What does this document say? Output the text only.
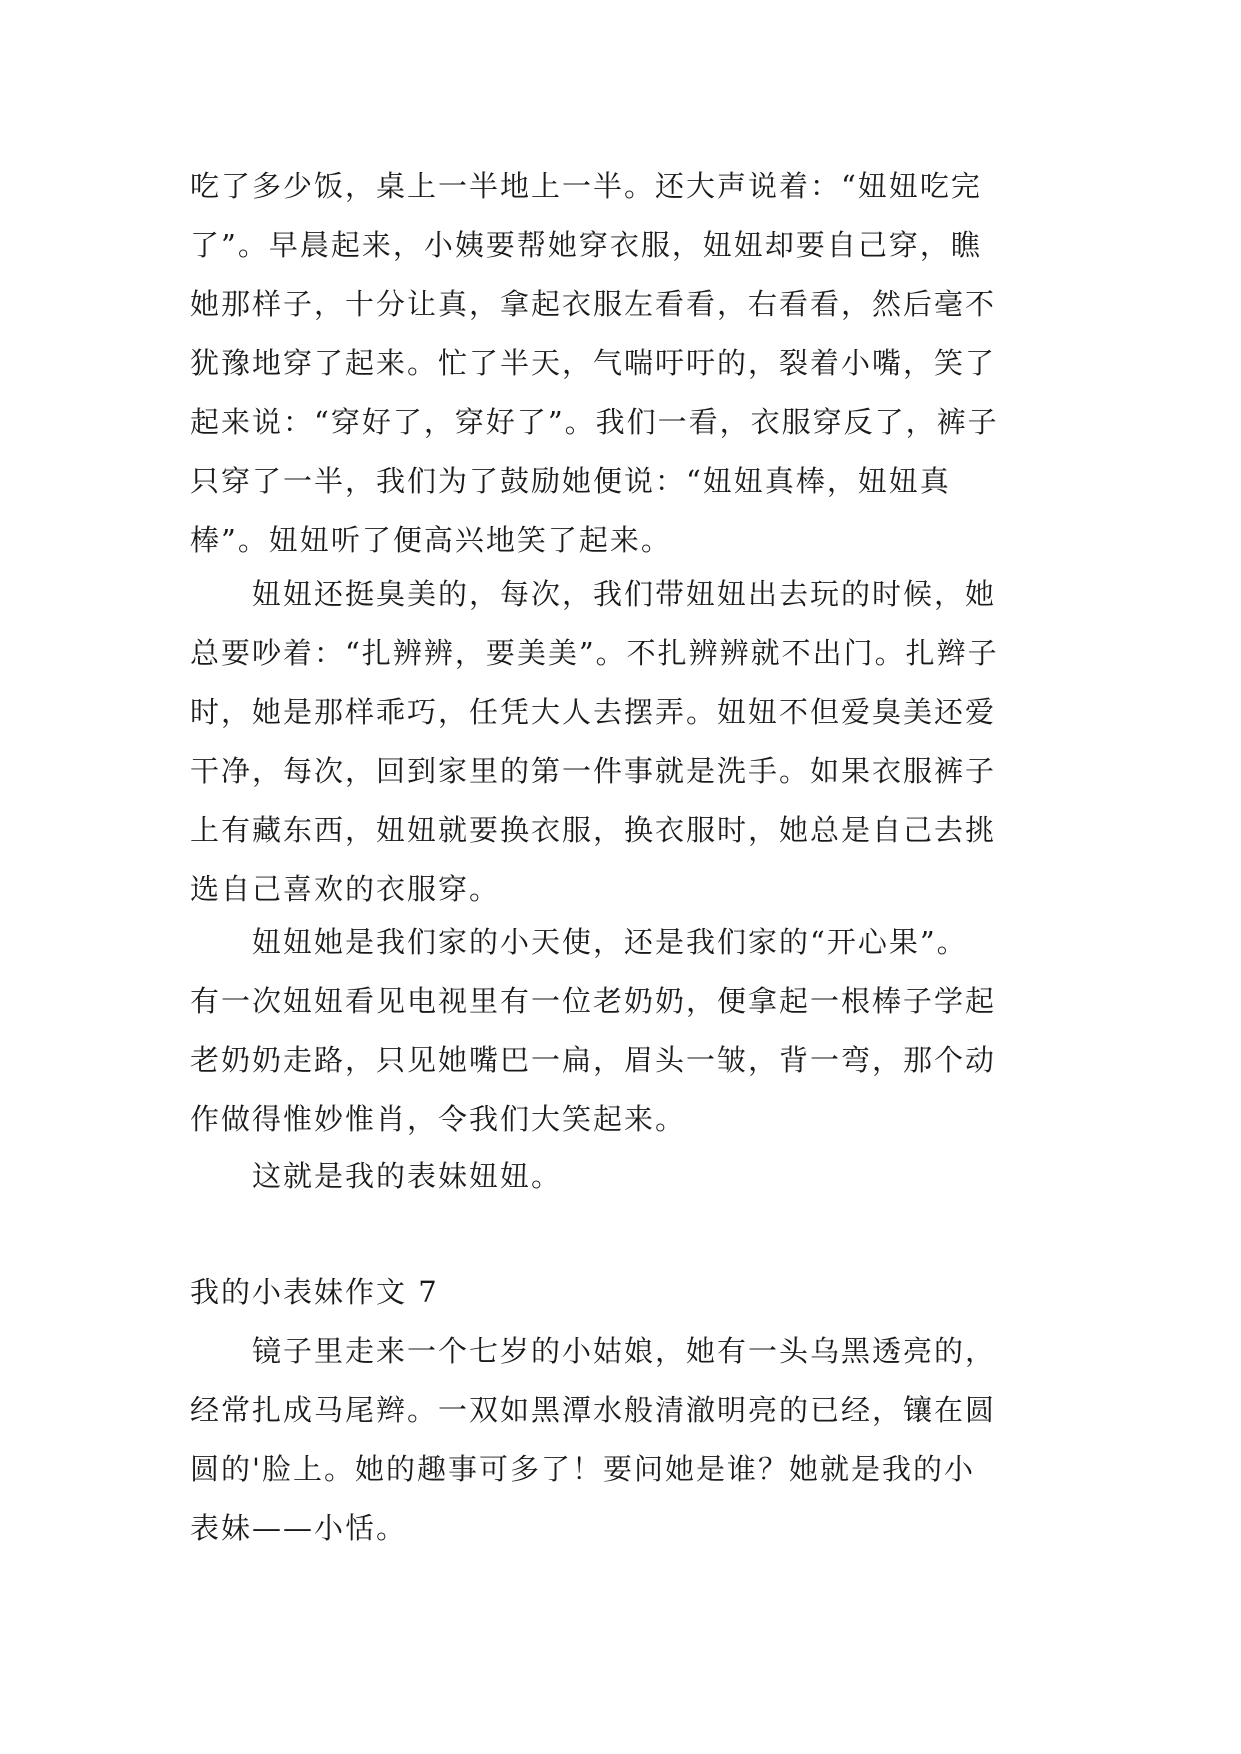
吃了多少饭，桌上一半地上一半。还大声说着：“妞妞吃完
了”。早晨起来，小姨要帮她穿衣服，妞妞却要自己穿，瞧
她那样子，十分让真，拿起衣服左看看，右看看，然后毫不
犹豫地穿了起来。忙了半天，气喘吁吁的，裂着小嘴，笑了
起来说：“穿好了，穿好了”。我们一看，衣服穿反了，裤子
只穿了一半，我们为了鼓励她便说：“妞妞真棒，妞妞真
棒”。妞妞听了便高兴地笑了起来。
妞妞还挺臭美的，每次，我们带妞妞出去玩的时候，她
总要吵着：“扎辨辨，要美美”。不扎辨辨就不出门。扎辫子
时，她是那样乖巧，任凭大人去摆弄。妞妞不但爱臭美还爱
干净，每次，回到家里的第一件事就是洗手。如果衣服裤子
上有藏东西，妞妞就要换衣服，换衣服时，她总是自己去挑
选自己喜欢的衣服穿。
妞妞她是我们家的小天使，还是我们家的“开心果”。
有一次妞妞看见电视里有一位老奶奶，便拿起一根棒子学起
老奶奶走路，只见她嘴巴一扁，眉头一皱，背一弯，那个动
作做得惟妙惟肖，令我们大笑起来。
这就是我的表妹妞妞。
我的小表妹作文 7
镜子里走来一个七岁的小姑娘，她有一头乌黑透亮的，
经常扎成马尾辫。一双如黑潭水般清澈明亮的已经，镶在圆
圆的'脸上。她的趣事可多了！要问她是谁？她就是我的小
表妹——小恬。
